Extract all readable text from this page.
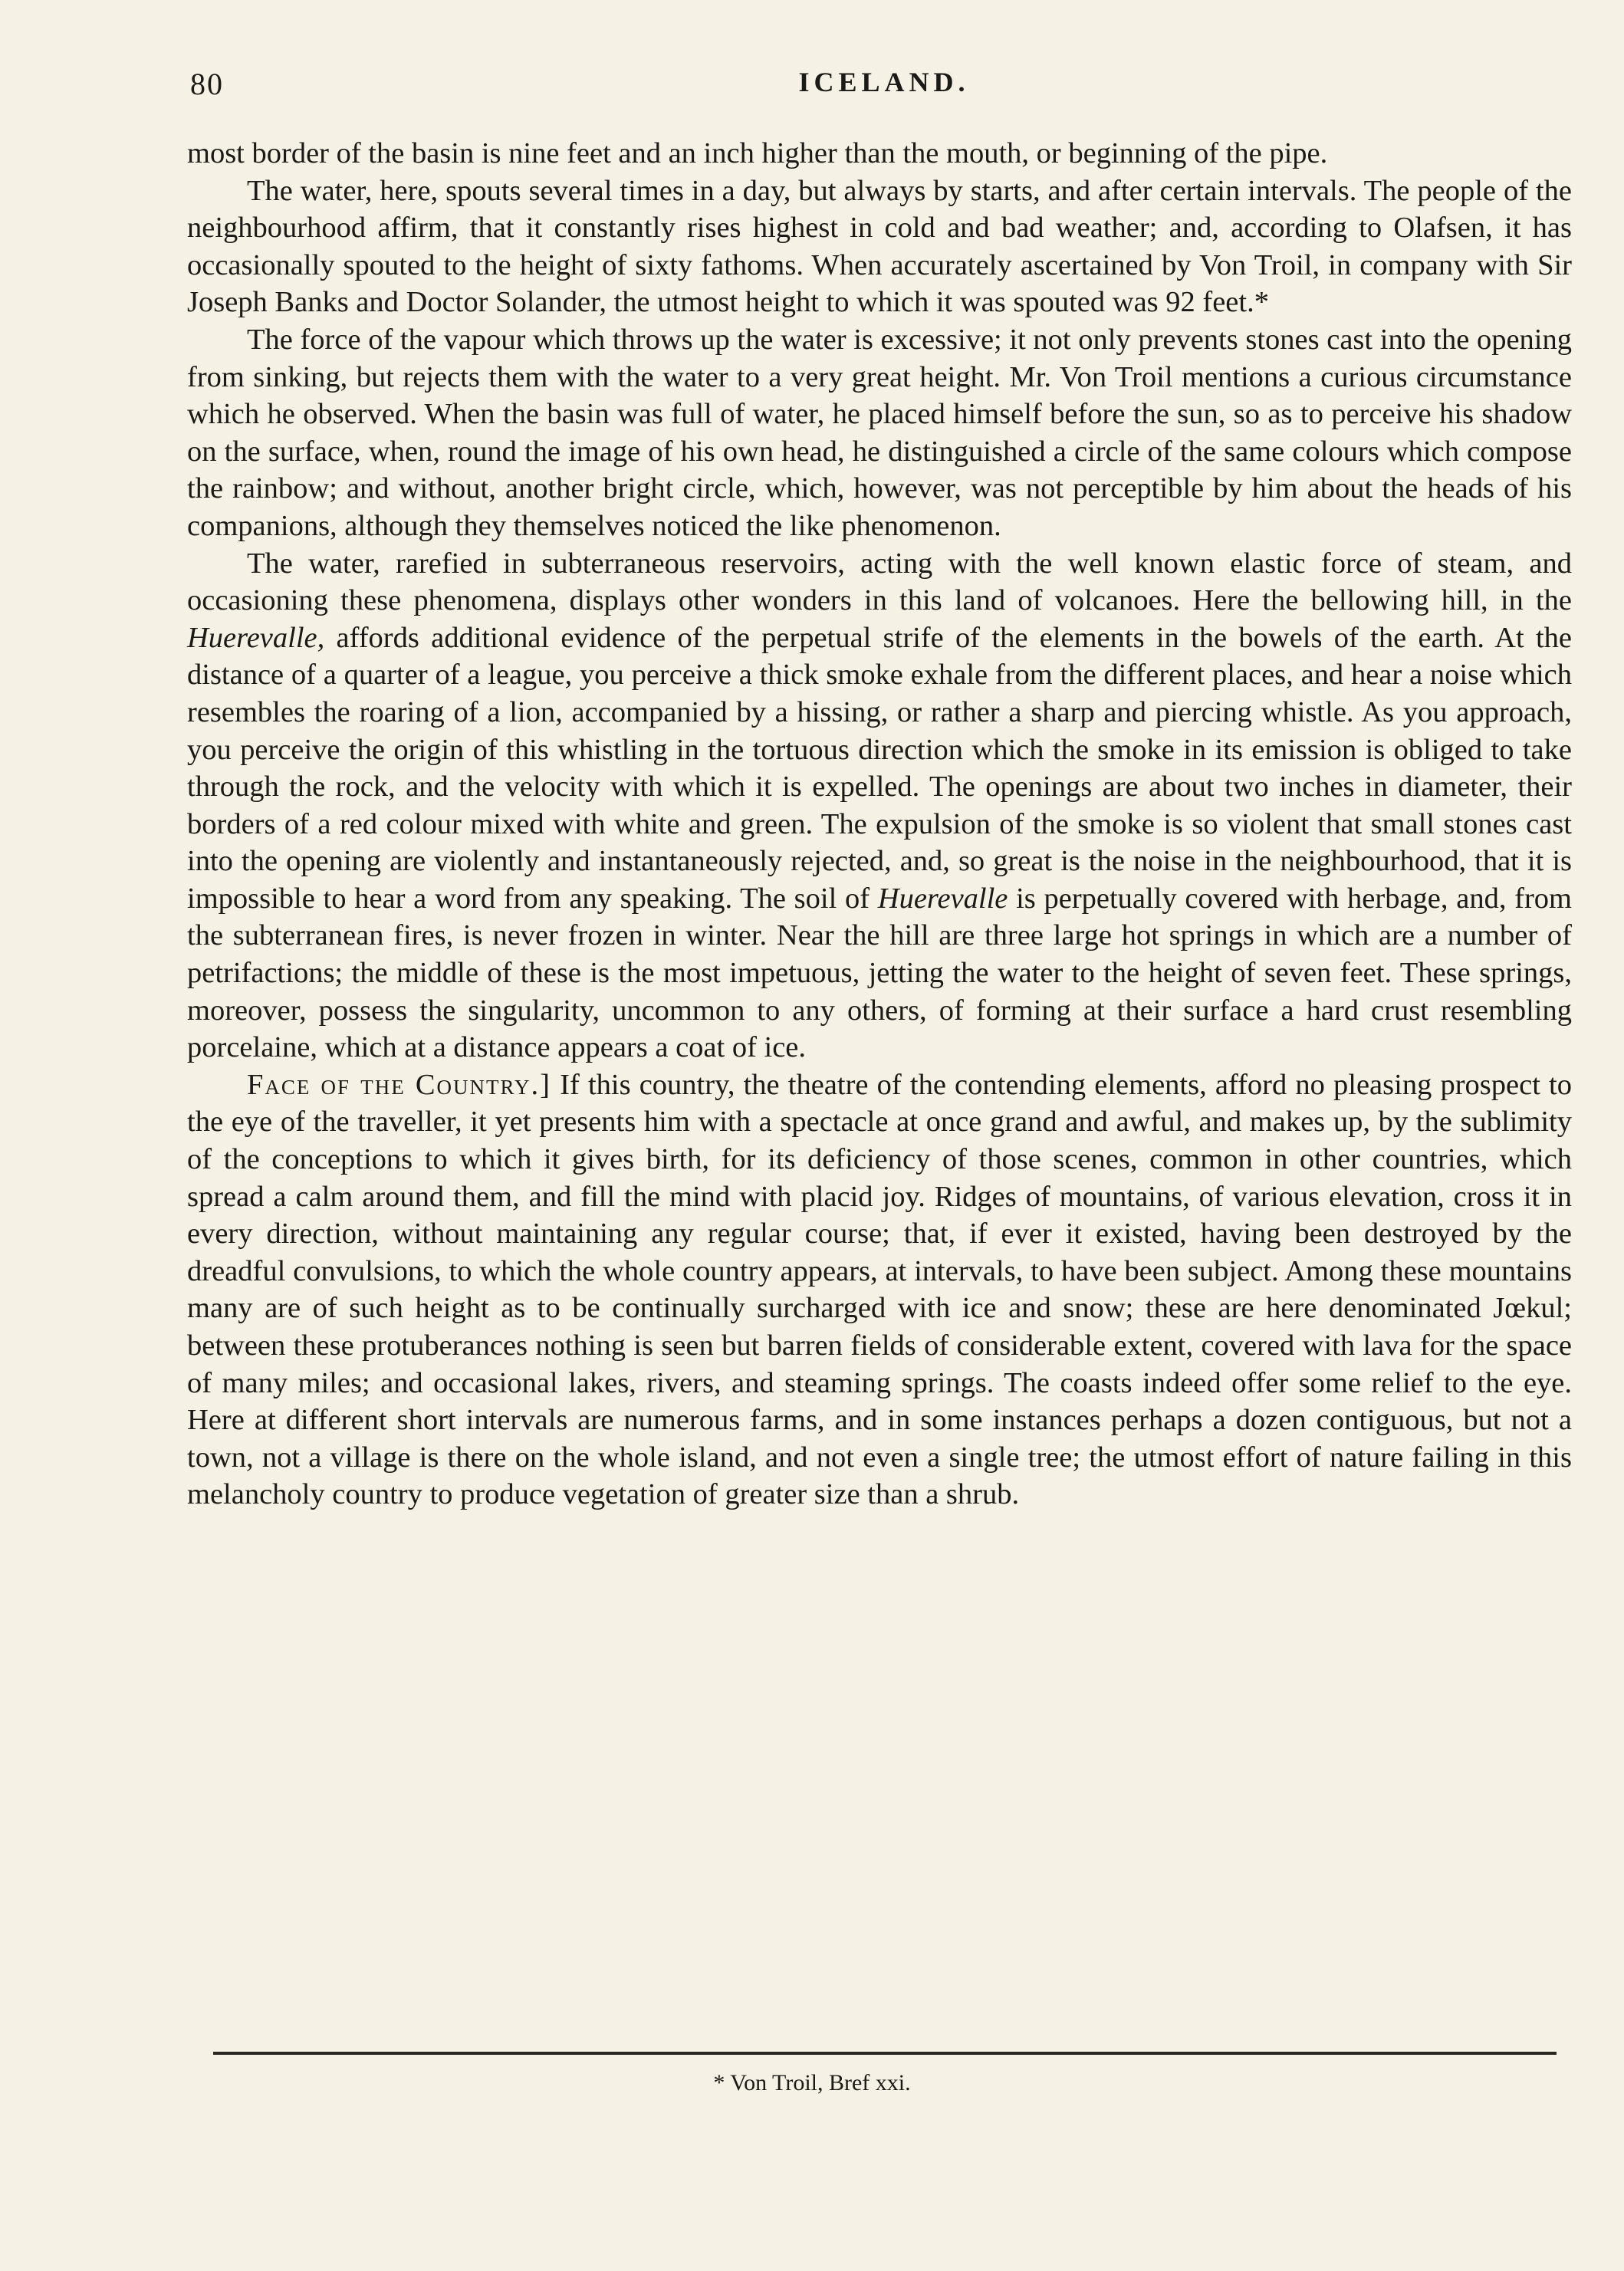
80	ICELAND.

most border of the basin is nine feet and an inch higher than the mouth, or beginning of the pipe.

The water, here, spouts several times in a day, but always by starts, and after certain intervals. The people of the neighbourhood affirm, that it constantly rises highest in cold and bad weather; and, according to Olafsen, it has occasionally spouted to the height of sixty fathoms. When accurately ascertained by Von Troil, in company with Sir Joseph Banks and Doctor Solander, the utmost height to which it was spouted was 92 feet.*

The force of the vapour which throws up the water is excessive; it not only prevents stones cast into the opening from sinking, but rejects them with the water to a very great height. Mr. Von Troil mentions a curious circumstance which he observed. When the basin was full of water, he placed himself before the sun, so as to perceive his shadow on the surface, when, round the image of his own head, he distinguished a circle of the same colours which compose the rainbow; and without, another bright circle, which, however, was not perceptible by him about the heads of his companions, although they themselves noticed the like phenomenon.

The water, rarefied in subterraneous reservoirs, acting with the well known elastic force of steam, and occasioning these phenomena, displays other wonders in this land of volcanoes. Here the bellowing hill, in the Huerevalle, affords additional evidence of the perpetual strife of the elements in the bowels of the earth. At the distance of a quarter of a league, you perceive a thick smoke exhale from the different places, and hear a noise which resembles the roaring of a lion, accompanied by a hissing, or rather a sharp and piercing whistle. As you approach, you perceive the origin of this whistling in the tortuous direction which the smoke in its emission is obliged to take through the rock, and the velocity with which it is expelled. The openings are about two inches in diameter, their borders of a red colour mixed with white and green. The expulsion of the smoke is so violent that small stones cast into the opening are violently and instantaneously rejected, and, so great is the noise in the neighbourhood, that it is impossible to hear a word from any speaking. The soil of Huerevalle is perpetually covered with herbage, and, from the subterranean fires, is never frozen in winter. Near the hill are three large hot springs in which are a number of petrifactions; the middle of these is the most impetuous, jetting the water to the height of seven feet. These springs, moreover, possess the singularity, uncommon to any others, of forming at their surface a hard crust resembling porcelaine, which at a distance appears a coat of ice.

Face of the Country.] If this country, the theatre of the contending elements, afford no pleasing prospect to the eye of the traveller, it yet presents him with a spectacle at once grand and awful, and makes up, by the sublimity of the conceptions to which it gives birth, for its deficiency of those scenes, common in other countries, which spread a calm around them, and fill the mind with placid joy. Ridges of mountains, of various elevation, cross it in every direction, without maintaining any regular course; that, if ever it existed, having been destroyed by the dreadful convulsions, to which the whole country appears, at intervals, to have been subject. Among these mountains many are of such height as to be continually surcharged with ice and snow; these are here denominated Jœkul; between these protuberances nothing is seen but barren fields of considerable extent, covered with lava for the space of many miles; and occasional lakes, rivers, and steaming springs. The coasts indeed offer some relief to the eye. Here at different short intervals are numerous farms, and in some instances perhaps a dozen contiguous, but not a town, not a village is there on the whole island, and not even a single tree; the utmost effort of nature failing in this melancholy country to produce vegetation of greater size than a shrub.

* Von Troil, Bref xxi.
